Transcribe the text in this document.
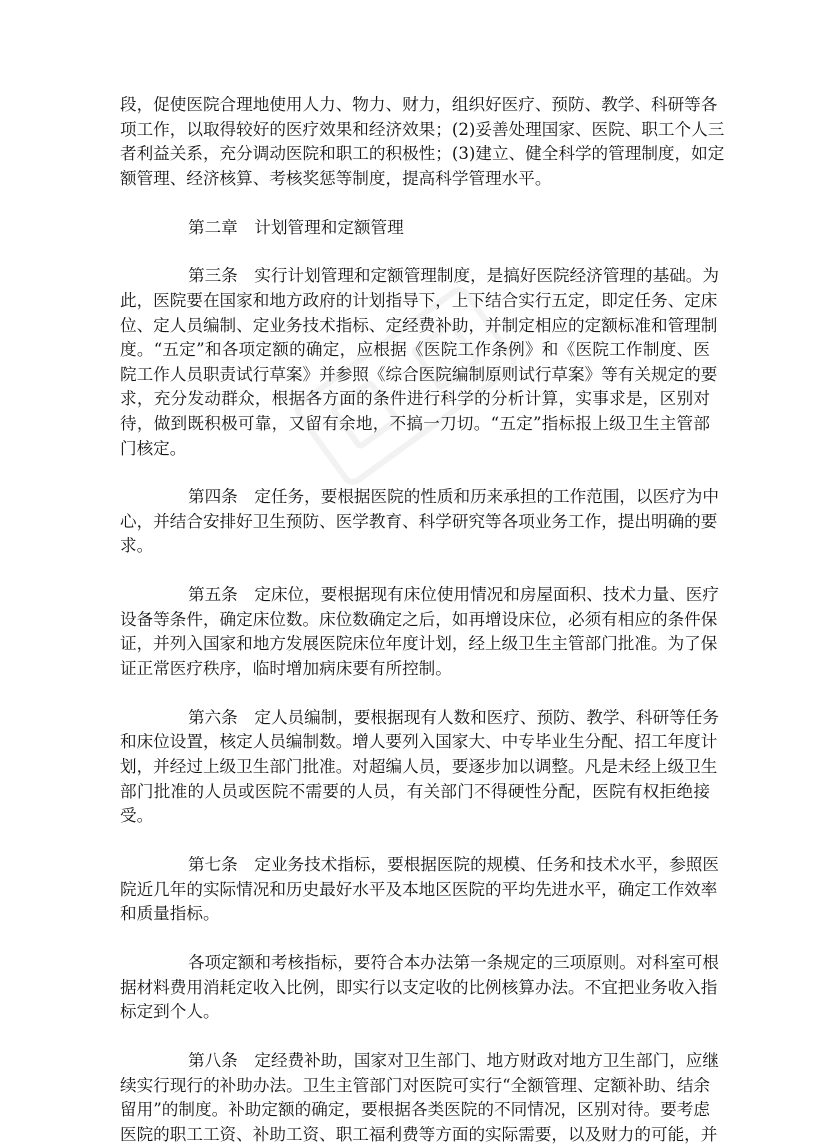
段，促使医院合理地使用人力、物力、财力，组织好医疗、预防、教学、科研等各
项工作，以取得较好的医疗效果和经济效果；(2)妥善处理国家、医院、职工个人三
者利益关系，充分调动医院和职工的积极性；(3)建立、健全科学的管理制度，如定
额管理、经济核算、考核奖惩等制度，提高科学管理水平。
第二章　计划管理和定额管理
第三条　实行计划管理和定额管理制度，是搞好医院经济管理的基础。为
此，医院要在国家和地方政府的计划指导下，上下结合实行五定，即定任务、定床
位、定人员编制、定业务技术指标、定经费补助，并制定相应的定额标准和管理制
度。“五定”和各项定额的确定，应根据《医院工作条例》和《医院工作制度、医
院工作人员职责试行草案》并参照《综合医院编制原则试行草案》等有关规定的要
求，充分发动群众，根据各方面的条件进行科学的分析计算，实事求是，区别对
待，做到既积极可靠，又留有余地，不搞一刀切。“五定”指标报上级卫生主管部
门核定。
第四条　定任务，要根据医院的性质和历来承担的工作范围，以医疗为中
心，并结合安排好卫生预防、医学教育、科学研究等各项业务工作，提出明确的要
求。
第五条　定床位，要根据现有床位使用情况和房屋面积、技术力量、医疗
设备等条件，确定床位数。床位数确定之后，如再增设床位，必须有相应的条件保
证，并列入国家和地方发展医院床位年度计划，经上级卫生主管部门批准。为了保
证正常医疗秩序，临时增加病床要有所控制。
第六条　定人员编制，要根据现有人数和医疗、预防、教学、科研等任务
和床位设置，核定人员编制数。增人要列入国家大、中专毕业生分配、招工年度计
划，并经过上级卫生部门批准。对超编人员，要逐步加以调整。凡是未经上级卫生
部门批准的人员或医院不需要的人员，有关部门不得硬性分配，医院有权拒绝接
受。
第七条　定业务技术指标，要根据医院的规模、任务和技术水平，参照医
院近几年的实际情况和历史最好水平及本地区医院的平均先进水平，确定工作效率
和质量指标。
各项定额和考核指标，要符合本办法第一条规定的三项原则。对科室可根
据材料费用消耗定收入比例，即实行以支定收的比例核算办法。不宜把业务收入指
标定到个人。
第八条　定经费补助，国家对卫生部门、地方财政对地方卫生部门，应继
续实行现行的补助办法。卫生主管部门对医院可实行“全额管理、定额补助、结余
留用”的制度。补助定额的确定，要根据各类医院的不同情况，区别对待。要考虑
医院的职工工资、补助工资、职工福利费等方面的实际需要，以及财力的可能，并
